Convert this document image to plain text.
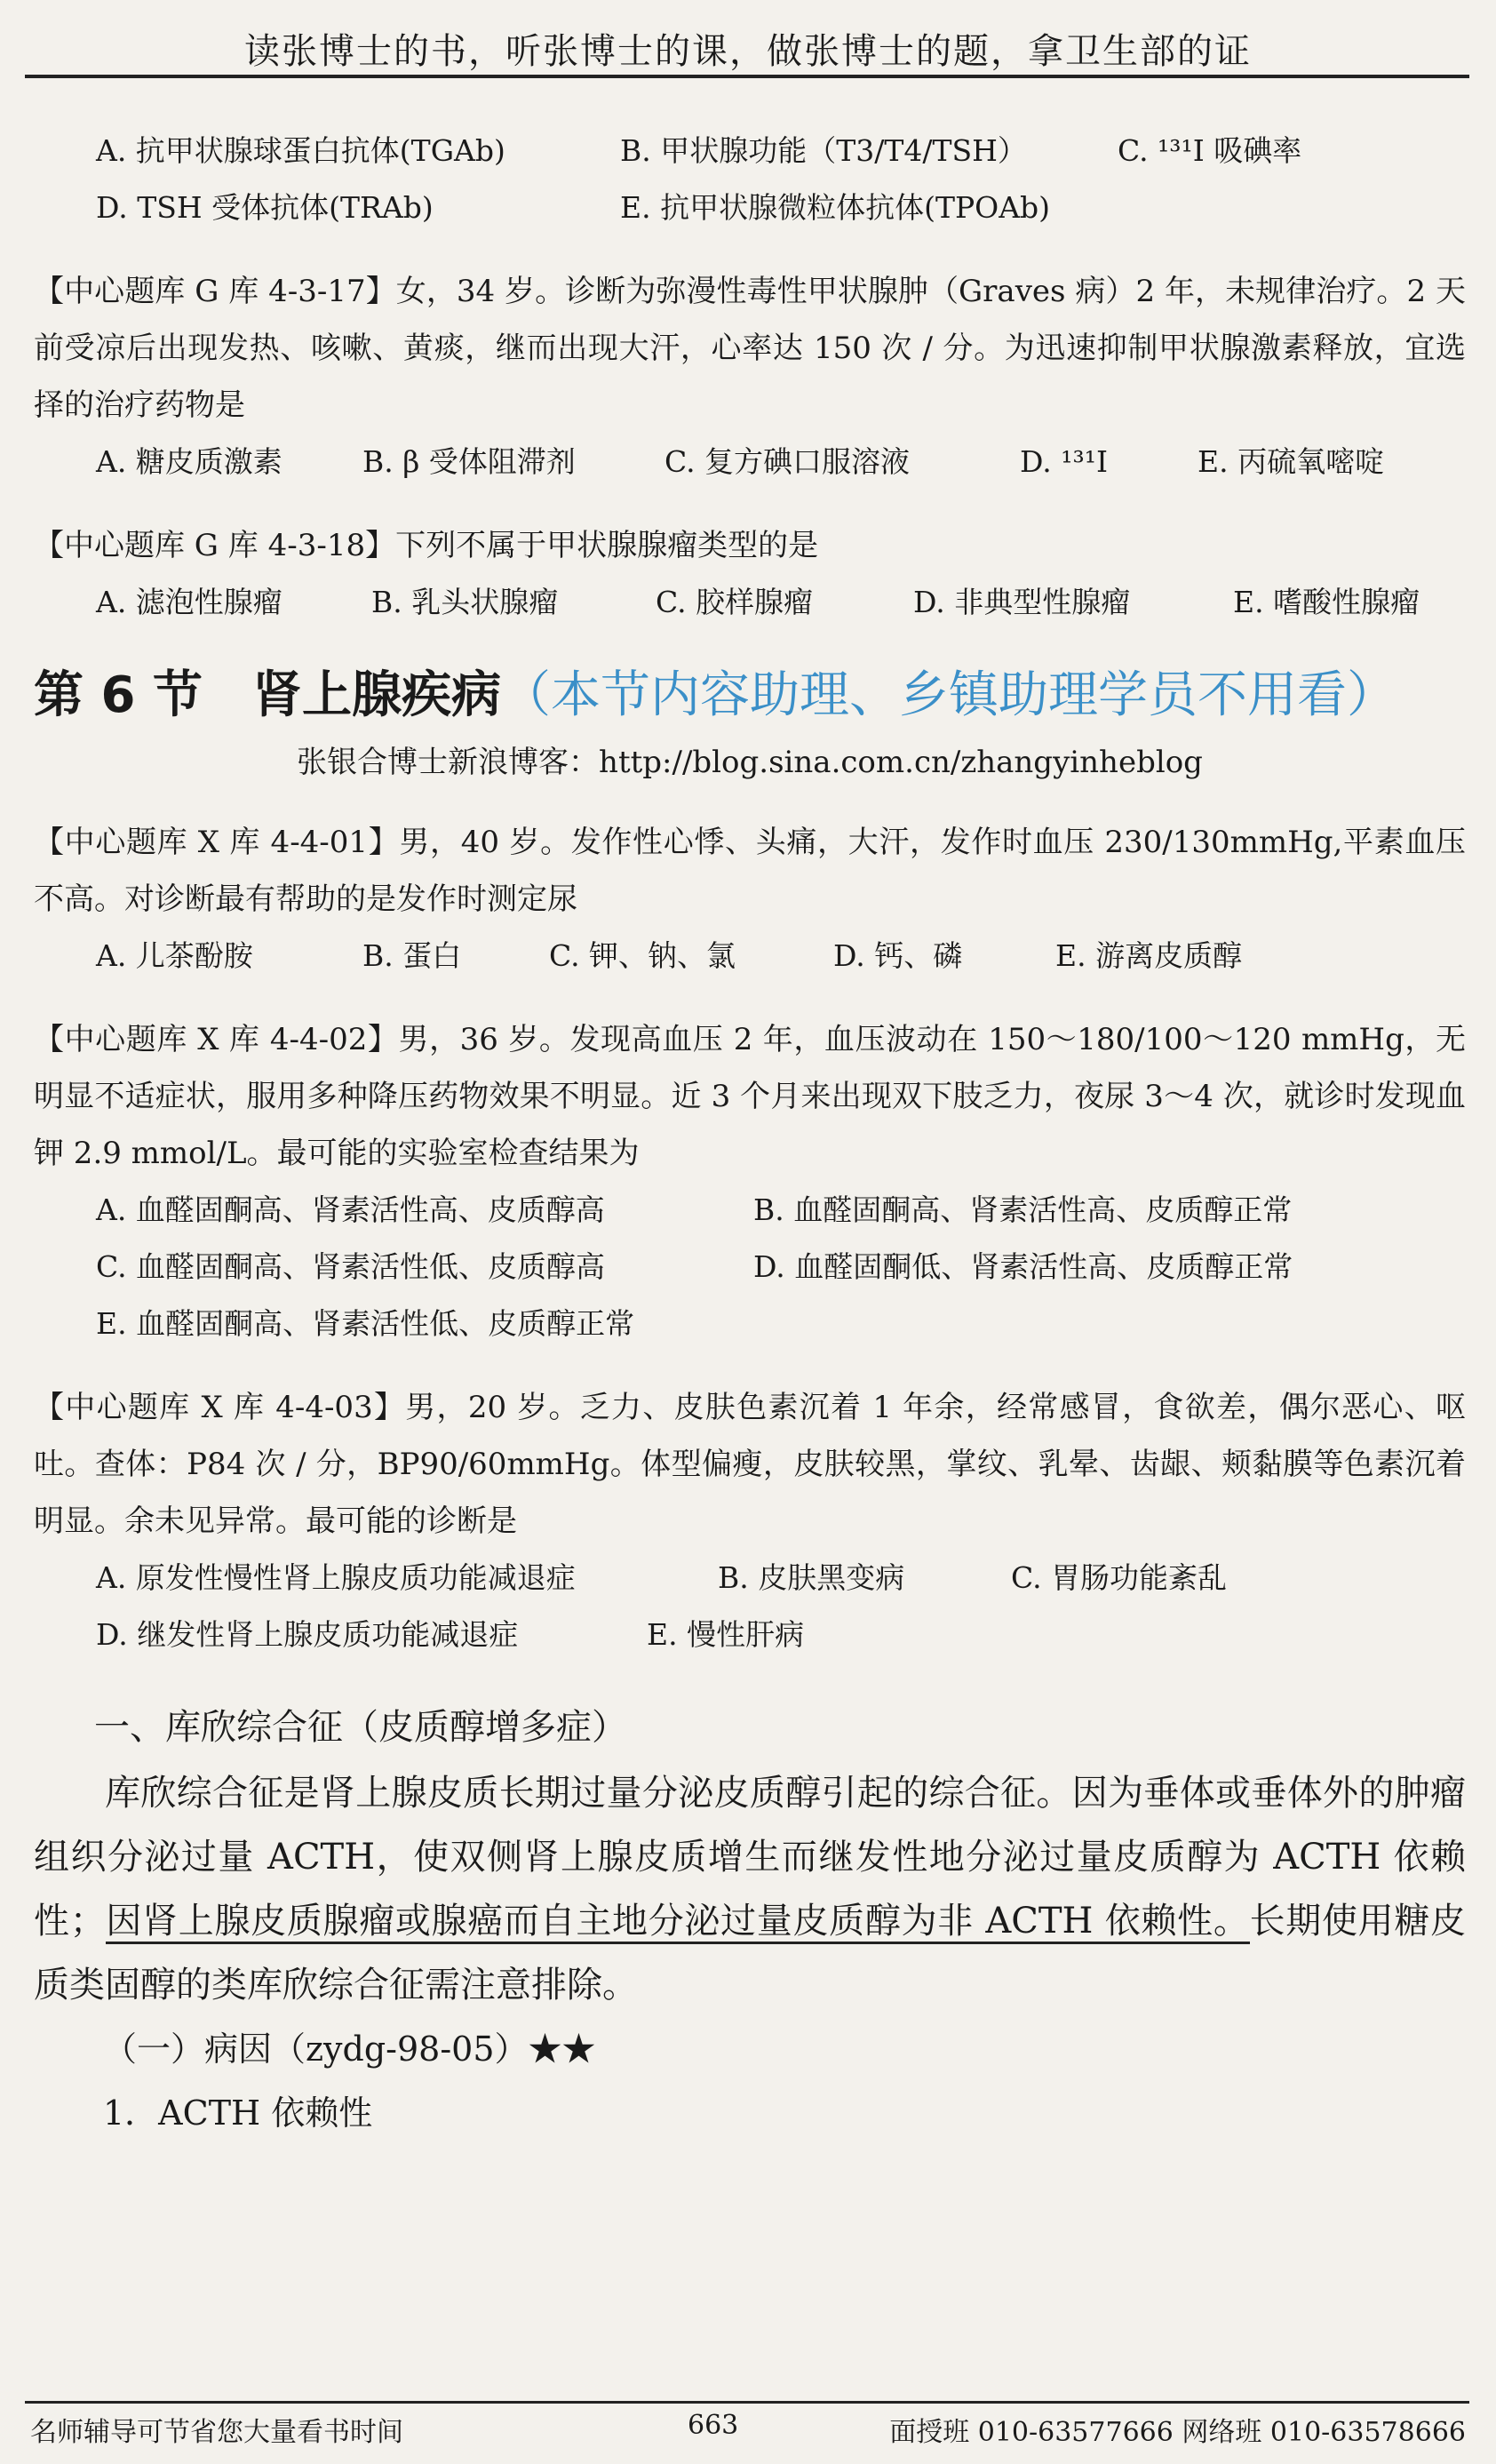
读张博士的书，听张博士的课，做张博士的题，拿卫生部的证
A. 抗甲状腺球蛋白抗体(TGAb)	B. 甲状腺功能（T3/T4/TSH）	C. ¹³¹I 吸碘率
D. TSH 受体抗体(TRAb)	E. 抗甲状腺微粒体抗体(TPOAb)
【中心题库 G 库 4-3-17】女，34 岁。诊断为弥漫性毒性甲状腺肿（Graves 病）2 年，未规律治疗。2 天前受凉后出现发热、咳嗽、黄痰，继而出现大汗，心率达 150 次 / 分。为迅速抑制甲状腺激素释放，宜选择的治疗药物是
A. 糖皮质激素	B. β 受体阻滞剂	C. 复方碘口服溶液	D. ¹³¹I	E. 丙硫氧嘧啶
【中心题库 G 库 4-3-18】下列不属于甲状腺腺瘤类型的是
A. 滤泡性腺瘤	B. 乳头状腺瘤	C. 胶样腺瘤	D. 非典型性腺瘤	E. 嗜酸性腺瘤
第 6 节　肾上腺疾病（本节内容助理、乡镇助理学员不用看）
张银合博士新浪博客：http://blog.sina.com.cn/zhangyinheblog
【中心题库 X 库 4-4-01】男，40 岁。发作性心悸、头痛，大汗，发作时血压 230/130mmHg,平素血压不高。对诊断最有帮助的是发作时测定尿
A. 儿茶酚胺	B. 蛋白	C. 钾、钠、氯	D. 钙、磷	E. 游离皮质醇
【中心题库 X 库 4-4-02】男，36 岁。发现高血压 2 年，血压波动在 150～180/100～120 mmHg，无明显不适症状，服用多种降压药物效果不明显。近 3 个月来出现双下肢乏力，夜尿 3～4 次，就诊时发现血钾 2.9 mmol/L。最可能的实验室检查结果为
A. 血醛固酮高、肾素活性高、皮质醇高	B. 血醛固酮高、肾素活性高、皮质醇正常
C. 血醛固酮高、肾素活性低、皮质醇高	D. 血醛固酮低、肾素活性高、皮质醇正常
E. 血醛固酮高、肾素活性低、皮质醇正常
【中心题库 X 库 4-4-03】男，20 岁。乏力、皮肤色素沉着 1 年余，经常感冒，食欲差，偶尔恶心、呕吐。查体：P84 次 / 分，BP90/60mmHg。体型偏瘦，皮肤较黑，掌纹、乳晕、齿龈、颊黏膜等色素沉着明显。余未见异常。最可能的诊断是
A. 原发性慢性肾上腺皮质功能减退症	B. 皮肤黑变病	C. 胃肠功能紊乱
D. 继发性肾上腺皮质功能减退症	E. 慢性肝病
一、库欣综合征（皮质醇增多症）
库欣综合征是肾上腺皮质长期过量分泌皮质醇引起的综合征。因为垂体或垂体外的肿瘤组织分泌过量 ACTH，使双侧肾上腺皮质增生而继发性地分泌过量皮质醇为 ACTH 依赖性；因肾上腺皮质腺瘤或腺癌而自主地分泌过量皮质醇为非 ACTH 依赖性。长期使用糖皮质类固醇的类库欣综合征需注意排除。
（一）病因（zydg-98-05）★★
1．ACTH 依赖性
名师辅导可节省您大量看书时间	663	面授班 010-63577666 网络班 010-63578666
